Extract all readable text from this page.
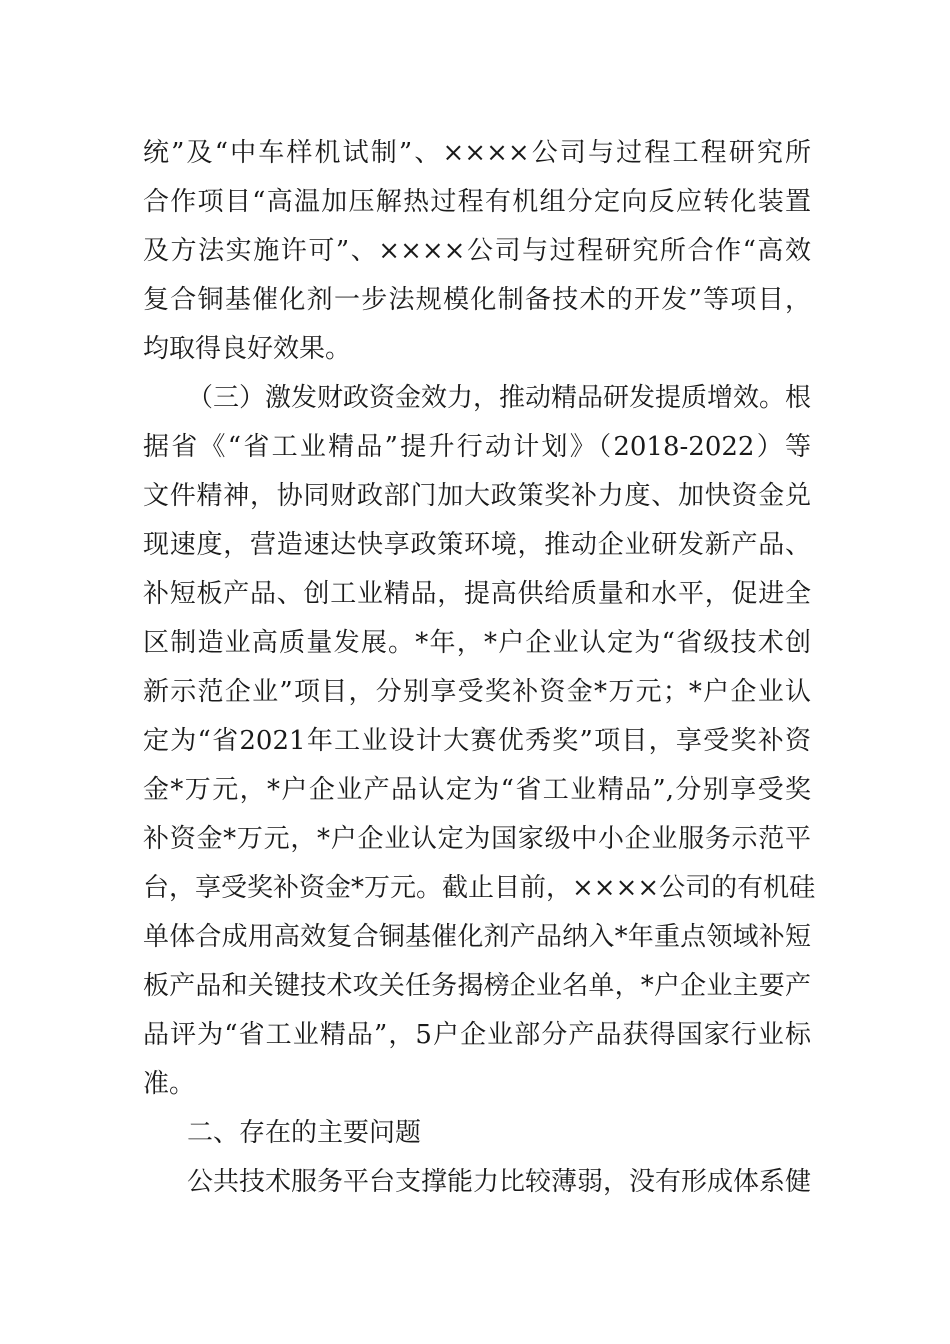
统”及“中车样机试制”、××××公司与过程工程研究所
合作项目“高温加压解热过程有机组分定向反应转化装置
及方法实施许可”、××××公司与过程研究所合作“高效
复合铜基催化剂一步法规模化制备技术的开发”等项目，
均取得良好效果。
（三）激发财政资金效力，推动精品研发提质增效。根
据省《“省工业精品”提升行动计划》（2018-2022）等
文件精神，协同财政部门加大政策奖补力度、加快资金兑
现速度，营造速达快享政策环境，推动企业研发新产品、
补短板产品、创工业精品，提高供给质量和水平，促进全
区制造业高质量发展。*年，*户企业认定为“省级技术创
新示范企业”项目，分别享受奖补资金*万元；*户企业认
定为“省2021年工业设计大赛优秀奖”项目，享受奖补资
金*万元，*户企业产品认定为“省工业精品”,分别享受奖
补资金*万元，*户企业认定为国家级中小企业服务示范平
台，享受奖补资金*万元。截止目前，××××公司的有机硅
单体合成用高效复合铜基催化剂产品纳入*年重点领域补短
板产品和关键技术攻关任务揭榜企业名单，*户企业主要产
品评为“省工业精品”，5户企业部分产品获得国家行业标
准。
二、存在的主要问题
公共技术服务平台支撑能力比较薄弱，没有形成体系健
